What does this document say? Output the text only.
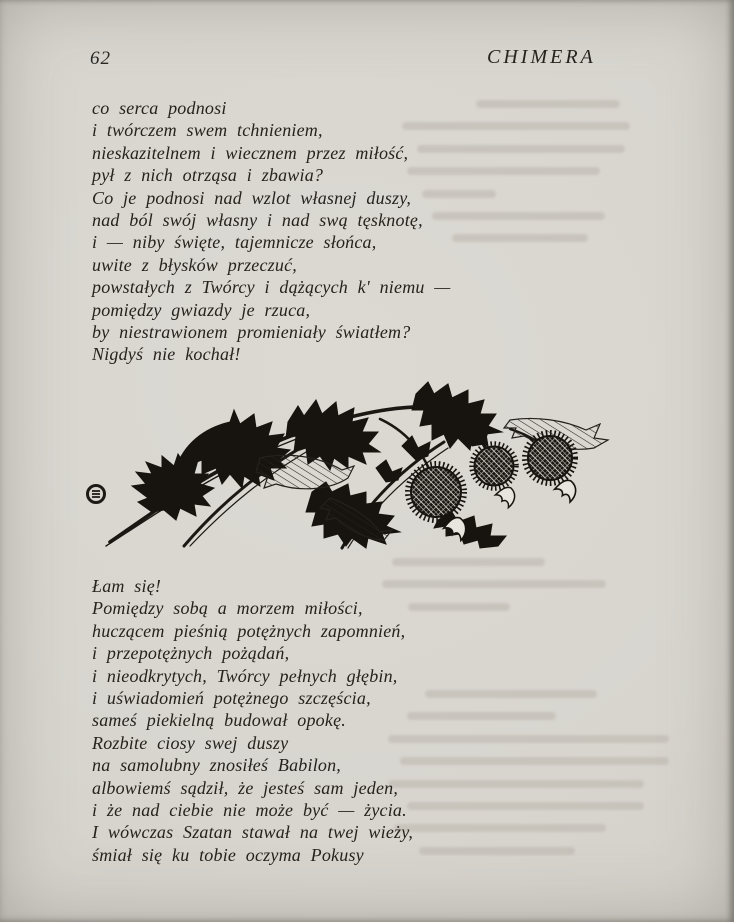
62	CHIMERA
co serca podnosi
i twórczem swem tchnieniem,
nieskazitelnem i wiecznem przez miłość,
pył z nich otrząsa i zbawia?
Co je podnosi nad wzlot własnej duszy,
nad ból swój własny i nad swą tęsknotę,
i — niby święte, tajemnicze słońca,
uwite z błysków przeczuć,
powstałych z Twórcy i dążących k' niemu —
pomiędzy gwiazdy je rzuca,
by niestrawionem promieniały światłem?
Nigdyś nie kochał!
Łam się!
Pomiędzy sobą a morzem miłości,
huczącem pieśnią potężnych zapomnień,
i przepotężnych pożądań,
i nieodkrytych, Twórcy pełnych głębin,
i uświadomień potężnego szczęścia,
sameś piekielną budował opokę.
Rozbite ciosy swej duszy
na samolubny znosiłeś Babilon,
albowiemś sądził, że jesteś sam jeden,
i że nad ciebie nie może być — życia.
I wówczas Szatan stawał na twej wieży,
śmiał się ku tobie oczyma Pokusy
